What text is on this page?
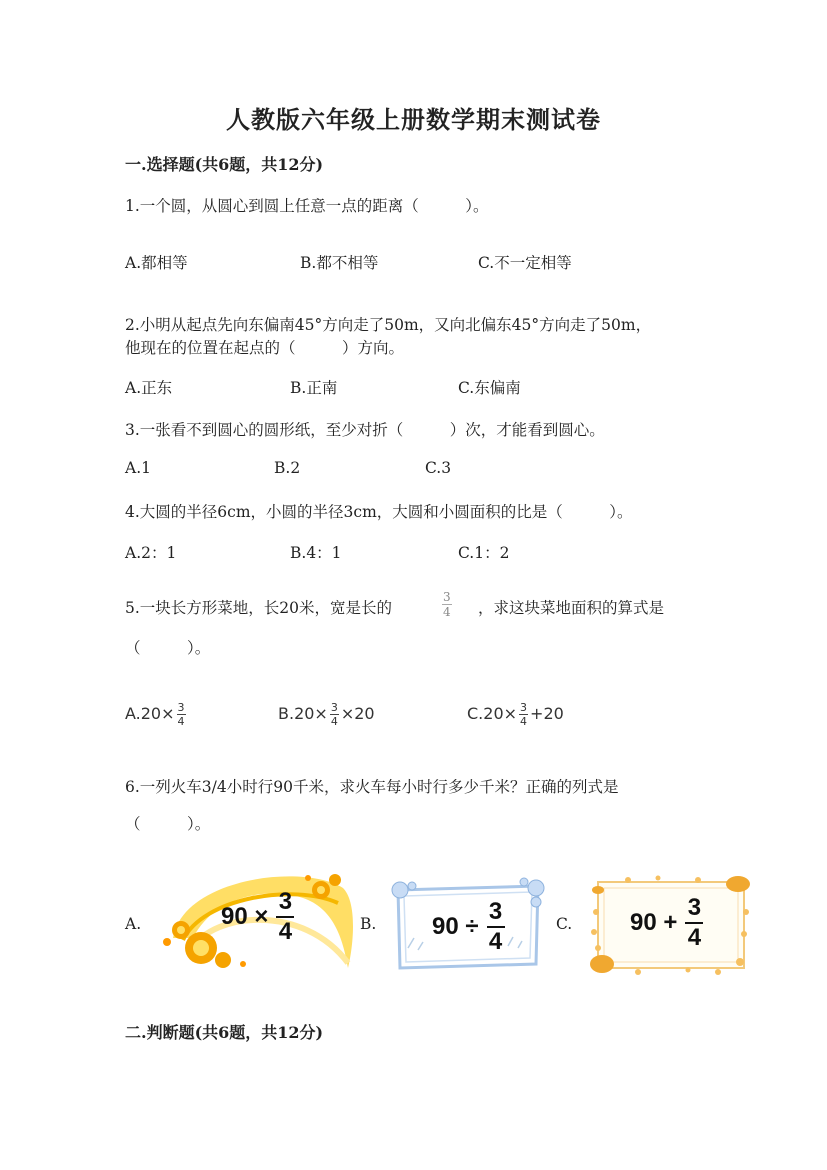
人教版六年级上册数学期末测试卷
一.选择题(共6题，共12分)
1.一个圆，从圆心到圆上任意一点的距离（　　　）。
A.都相等	B.都不相等	C.不一定相等
2.小明从起点先向东偏南45°方向走了50m，又向北偏东45°方向走了50m，
他现在的位置在起点的（　　　）方向。
A.正东	B.正南	C.东偏南
3.一张看不到圆心的圆形纸，至少对折（　　　）次，才能看到圆心。
A.1	B.2	C.3
4.大圆的半径6cm，小圆的半径3cm，大圆和小圆面积的比是（　　　）。
A.2：1	B.4：1	C.1：2
5.一块长方形菜地，长20米，宽是长的
3
4 ，求这块菜地面积的算式是
（　　　）。
$A.20\times \frac{3}{4}$	$B.20\times \frac{3}{4} \times 20$	$C.20\times \frac{3}{4} +20$
6.一列火车3/4小时行90千米，求火车每小时行多少千米？正确的列式是
（　　　）。
A.	90 ×
3
4	B. 90 ÷
3
4
C. 90 +
3
4
二.判断题(共6题，共12分)
